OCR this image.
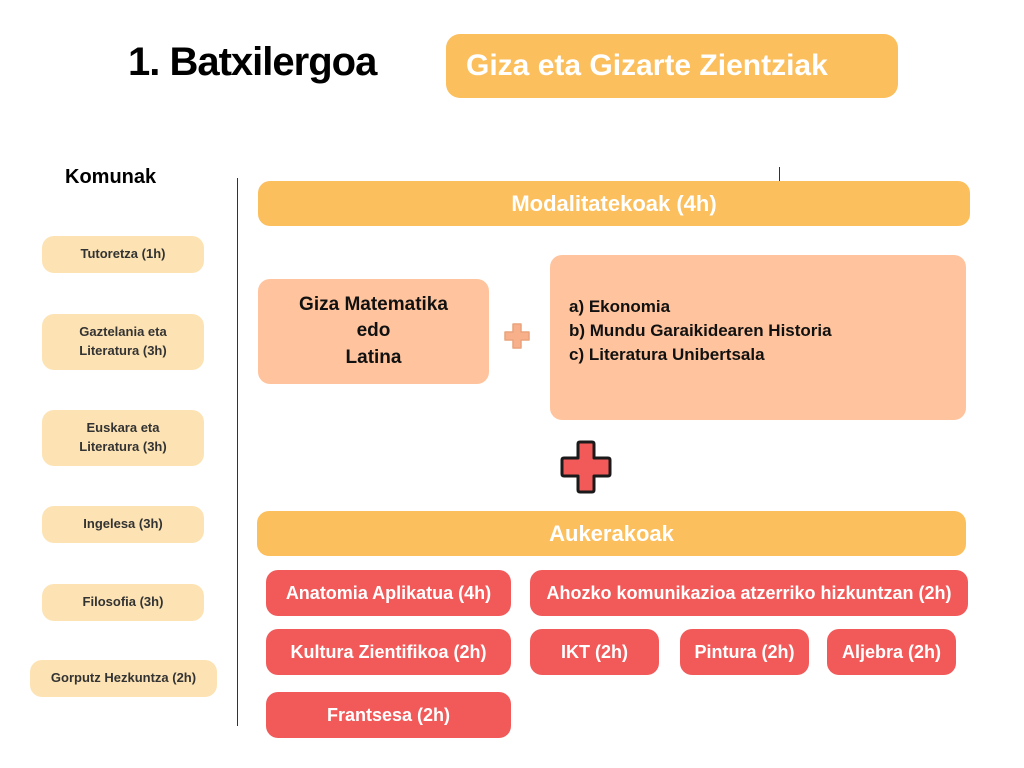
1. Batxilergoa	Giza eta Gizarte Zientziak
Komunak
Tutoretza (1h)
Gaztelania eta
Literatura (3h)
Euskara eta
Literatura (3h)
Ingelesa (3h)
Filosofia (3h)
Gorputz Hezkuntza (2h)
Modalitatekoak (4h)
Giza Matematika
edo
Latina
a) Ekonomia
b) Mundu Garaikidearen Historia
c) Literatura Unibertsala
Aukerakoak
Anatomia Aplikatua (4h)	Ahozko komunikazioa atzerriko hizkuntzan (2h)
Kultura Zientifikoa (2h)	IKT (2h)	Pintura (2h)	Aljebra (2h)
Frantsesa (2h)
